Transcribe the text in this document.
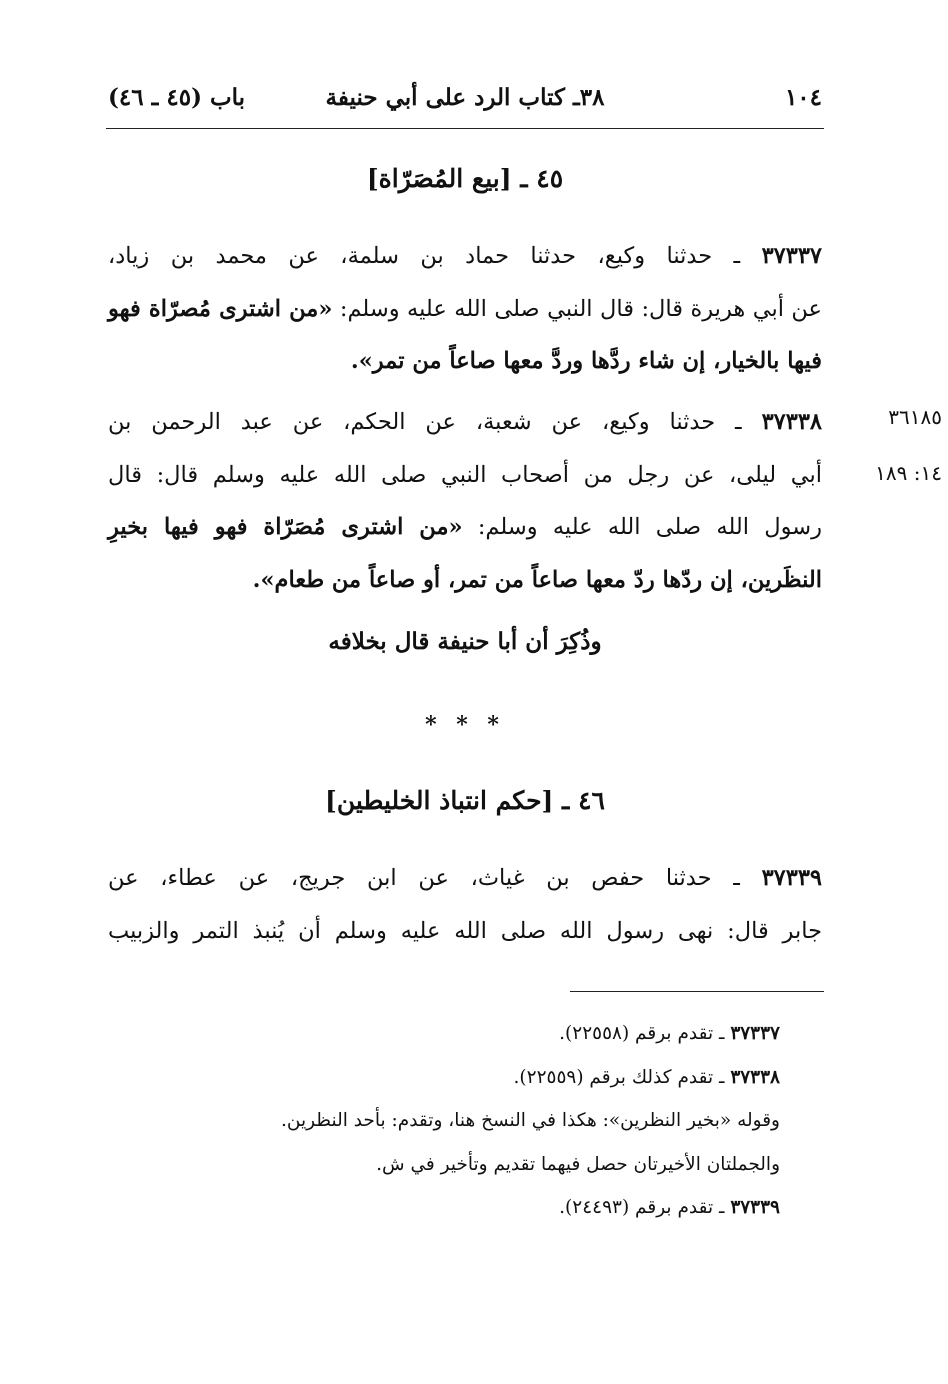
١٠٤
٣٨ـ كتاب الرد على أبي حنيفة
باب (٤٥ ـ ٤٦)
٤٥ ـ [بيع المُصَرّاة]
٣٧٣٣٧ ـ حدثنا وكيع، حدثنا حماد بن سلمة، عن محمد بن زياد،
عن أبي هريرة قال: قال النبي صلى الله عليه وسلم: «من اشترى مُصرّاة فهو
فيها بالخيار، إن شاء ردَّها وردَّ معها صاعاً من تمر».
٣٦١٨٥
١٤: ١٨٩
٣٧٣٣٨ ـ حدثنا وكيع، عن شعبة، عن الحكم، عن عبد الرحمن بن
أبي ليلى، عن رجل من أصحاب النبي صلى الله عليه وسلم قال: قال
رسول الله صلى الله عليه وسلم: «من اشترى مُصَرّاة فهو فيها بخيرِ
النظَرين، إن ردّها ردّ معها صاعاً من تمر، أو صاعاً من طعام».
وذُكِرَ أن أبا حنيفة قال بخلافه
* * *
٤٦ ـ [حكم انتباذ الخليطين]
٣٧٣٣٩ ـ حدثنا حفص بن غياث، عن ابن جريج، عن عطاء، عن
جابر قال: نهى رسول الله صلى الله عليه وسلم أن يُنبذ التمر والزبيب
٣٧٣٣٧ ـ تقدم برقم (٢٢٥٥٨).
٣٧٣٣٨ ـ تقدم كذلك برقم (٢٢٥٥٩).
وقوله «بخير النظرين»: هكذا في النسخ هنا، وتقدم: بأحد النظرين.
والجملتان الأخيرتان حصل فيهما تقديم وتأخير في ش.
٣٧٣٣٩ ـ تقدم برقم (٢٤٤٩٣).
